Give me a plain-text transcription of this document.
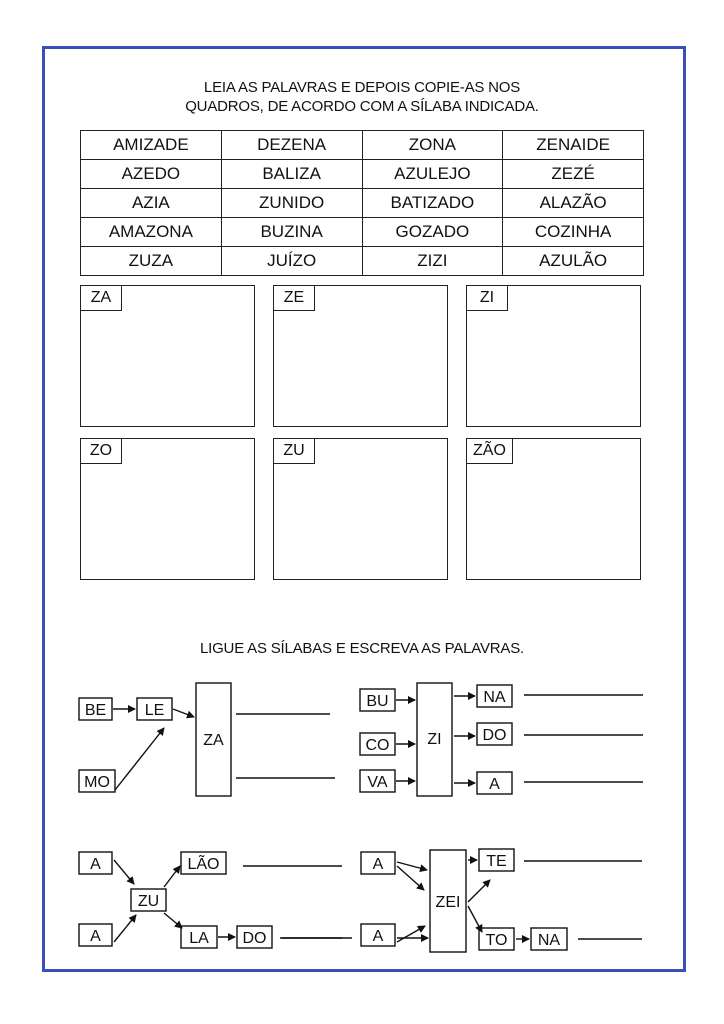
LEIA AS PALAVRAS E DEPOIS COPIE-AS NOS
QUADROS, DE ACORDO COM A SÍLABA INDICADA.
AMIZADE	DEZENA	ZONA	ZENAIDE
AZEDO	BALIZA	AZULEJO	ZEZÉ
AZIA	ZUNIDO	BATIZADO	ALAZÃO
AMAZONA	BUZINA	GOZADO	COZINHA
ZUZA	JUÍZO	ZIZI	AZULÃO
ZA	ZE	ZI
ZO	ZU	ZÃO
LIGUE AS SÍLABAS E ESCREVA AS PALAVRAS.
BE LE
MO
ZA
BU
CO
VA
ZI
NA
DO
A
A
A
ZU
LÃO
LA DO
A
A
ZEI
TE
TO NA
